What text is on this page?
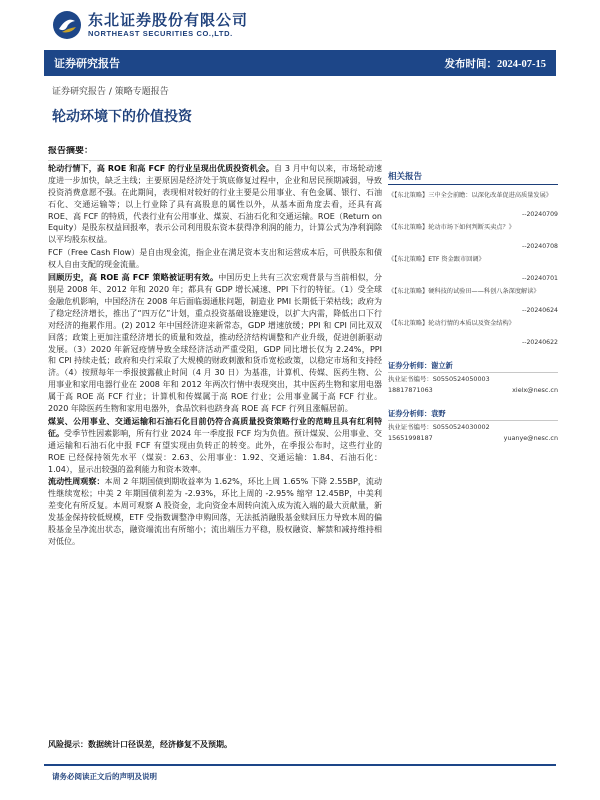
东北证券股份有限公司
NORTHEAST SECURITIES CO.,LTD.
证券研究报告	发布时间：2024-07-15
证券研究报告 / 策略专题报告
轮动环境下的价值投资
报告摘要：

轮动行情下，高 ROE 和高 FCF 的行业呈现出优质投资机会。自 3 月中旬以来，市场轮动速度进一步加快，缺乏主线；主要原因是经济处于筑底修复过程中，企业和居民预期减弱，导致投资消费意愿不强。在此期间，表现相对较好的行业主要是公用事业、有色金属、银行、石油石化、交通运输等；以上行业除了具有高股息的属性以外，从基本面角度去看，还具有高 ROE、高 FCF 的特质，代表行业有公用事业、煤炭、石油石化和交通运输。ROE（Return on Equity）是股东权益回报率，表示公司利用股东资本获得净利润的能力，计算公式为净利润除以平均股东权益。

FCF（Free Cash Flow）是自由现金流，指企业在满足资本支出和运营成本后，可供股东和债权人自由支配的现金流量。

回顾历史，高 ROE 高 FCF 策略被证明有效。中国历史上共有三次宏观背景与当前相似，分别是 2008 年、2012 年和 2020 年；都具有 GDP 增长减速、PPI 下行的特征。（1）受全球金融危机影响，中国经济在 2008 年后面临弱通胀问题，制造业 PMI 长期低于荣枯线；政府为了稳定经济增长，推出了“四万亿”计划，重点投资基础设施建设，以扩大内需，降低出口下行对经济的拖累作用。(2) 2012 年中国经济迎来新常态，GDP 增速放缓；PPI 和 CPI 同比双双回落；政策上更加注重经济增长的质量和效益，推动经济结构调整和产业升级，促进创新驱动发展。（3）2020 年新冠疫情导致全球经济活动严重受阻，GDP 同比增长仅为 2.24%，PPI 和 CPI 持续走低；政府和央行采取了大规模的财政刺激和货币宽松政策，以稳定市场和支持经济。（4）按照每年一季报披露截止时间（4 月 30 日）为基准，计算机、传媒、医药生物、公用事业和家用电器行业在 2008 年和 2012 年两次行情中表现突出，其中医药生物和家用电器属于高 ROE 高 FCF 行业；计算机和传媒属于高 ROE 行业；公用事业属于高 FCF 行业。2020 年除医药生物和家用电器外，食品饮料也跻身高 ROE 高 FCF 行列且涨幅居前。

煤炭、公用事业、交通运输和石油石化目前仍符合高质量投资策略行业的范畴且具有红利特征。受季节性因素影响，所有行业 2024 年一季度报 FCF 均为负值。预计煤炭、公用事业、交通运输和石油石化中报 FCF 有望实现由负转正的转变。此外，在季报公布时，这些行业的 ROE 已经保持领先水平（煤炭：2.63、公用事业：1.92、交通运输：1.84、石油石化：1.04），显示出较强的盈利能力和资本效率。

流动性周观察：本周 2 年期国债到期收益率为 1.62%，环比上周 1.65% 下降 2.55BP，流动性继续宽松；中美 2 年期国债利差为 -2.93%，环比上周的 -2.95% 缩窄 12.45BP，中美利差变化有所反复。本周可观察 A 股资金，北向资金本周转向流入成为流入端的最大贡献量，新发基金保持较低规模，ETF 受指数调整净申购回落，无法抵消融股基金赎回压力导致本周的偏股基金呈净流出状态，融资端流出有所缩小；流出端压力平稳，股权融资、解禁和减持维持相对低位。

相关报告
《【东北策略】三中全会前瞻：以深化改革促进高质量发展》
--20240709
《【东北策略】轮动市场下如何判断买卖点？》
--20240708
《【东北策略】ETF 资金跟市回调》
--20240701
《【东北策略】硬科技的试验田——科创八条深度解读》
--20240624
《【东北策略】轮动行情的本质以及资金结构》
--20240622
证券分析师：谢立新
执业证书编号：S0550524050003
18817871063	xielx@nesc.cn
证券分析师：袁野
执业证书编号：S0550524030002
15651998187	yuanye@nesc.cn
风险提示：数据统计口径误差，经济修复不及预期。
请务必阅读正文后的声明及说明
